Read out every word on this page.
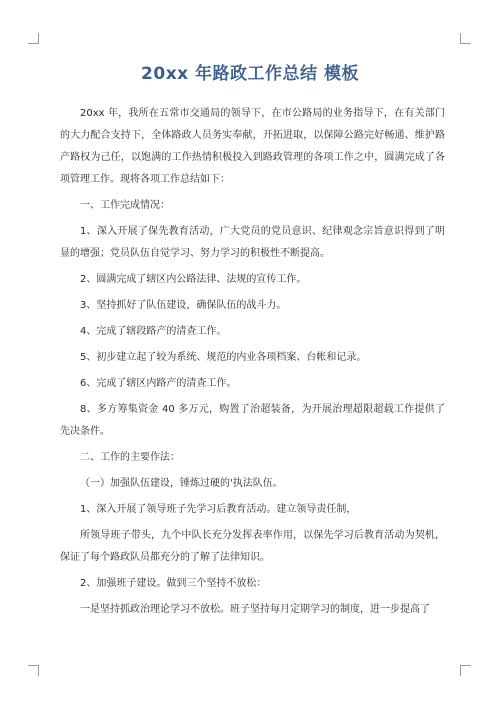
20xx 年路政工作总结 模板

20xx 年，我所在五常市交通局的领导下，在市公路局的业务指导下，在有关部门的大力配合支持下，全体路政人员务实奉献，开拓进取，以保障公路完好畅通、维护路产路权为己任，以饱满的工作热情积极投入到路政管理的各项工作之中，圆满完成了各项管理工作。现将各项工作总结如下：

一、工作完成情况：

1、深入开展了保先教育活动，广大党员的党员意识、纪律观念宗旨意识得到了明显的增强；党员队伍自觉学习、努力学习的积极性不断提高。

2、圆满完成了辖区内公路法律、法规的宣传工作。

3、坚持抓好了队伍建设，确保队伍的战斗力。

4、完成了辖段路产的清查工作。

5、初步建立起了较为系统、规范的内业各项档案、台帐和记录。

6、完成了辖区内路产的清查工作。

8、多方筹集资金 40 多万元，购置了治超装备，为开展治理超限超载工作提供了先决条件。

二、工作的主要作法：

（一）加强队伍建设，锤炼过硬的'执法队伍。

1、深入开展了领导班子先学习后教育活动。建立领导责任制，

所领导班子带头，九个中队长充分发挥表率作用，以保先学习后教育活动为契机，保证了每个路政队员都充分的了解了法律知识。

2、加强班子建设。做到三个坚持不放松：

一是坚持抓政治理论学习不放松。班子坚持每月定期学习的制度，进一步提高了
